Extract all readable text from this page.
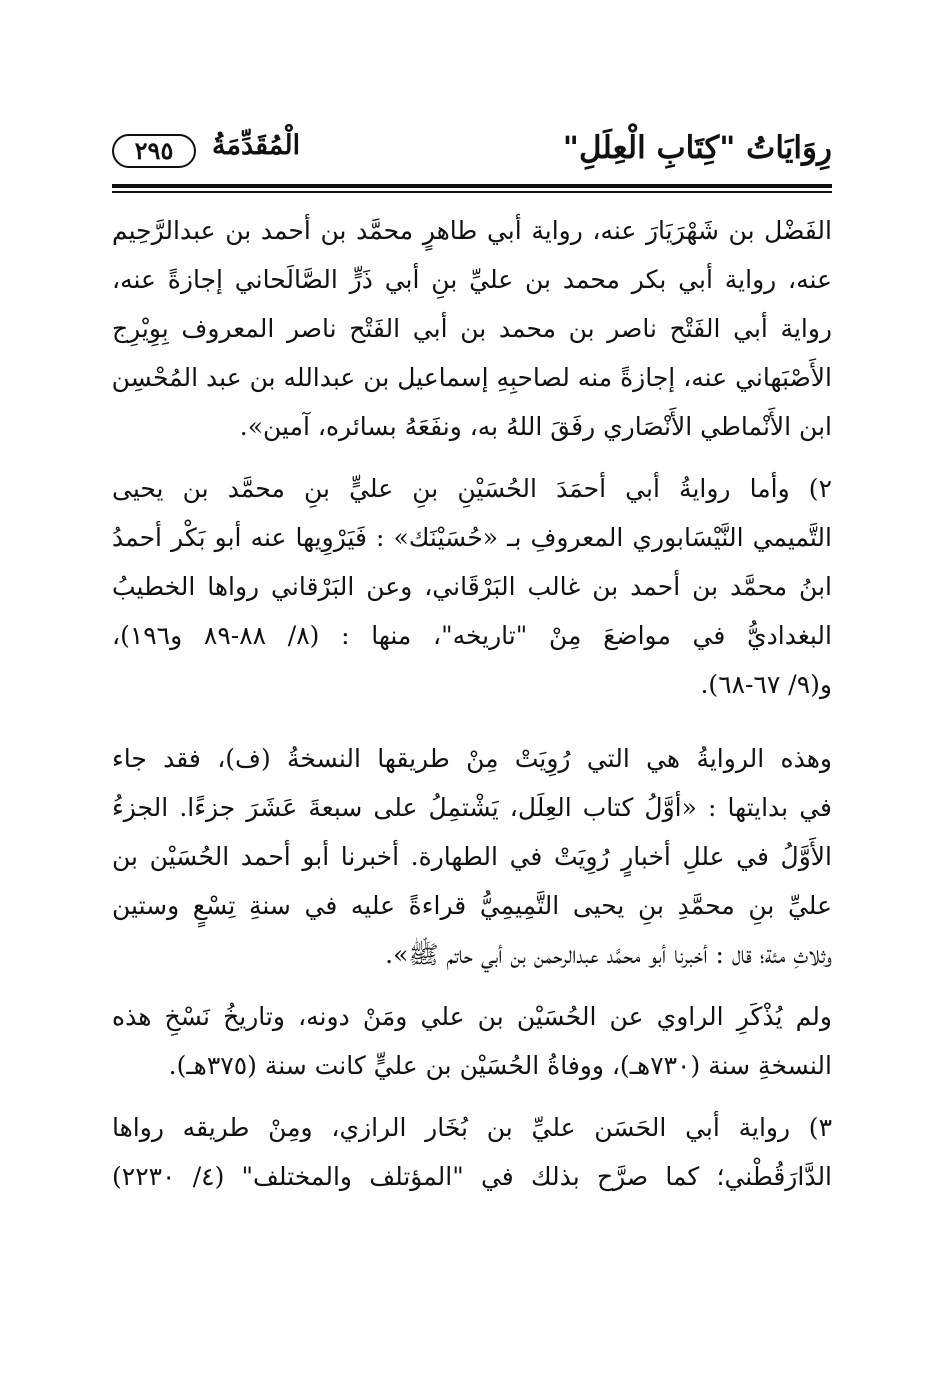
رِوَايَاتُ "كِتَابِ الْعِلَلِ"
الْمُقَدِّمَةُ
٢٩٥
الفَضْل بن شَهْرَيَارَ عنه، رواية أبي طاهرٍ محمَّد بن أحمد بن عبدالرَّحِيم
عنه، رواية أبي بكر محمد بن عليِّ بنِ أبي ذَرٍّ الصَّالَحاني إجازةً عنه،
رواية أبي الفَتْح ناصر بن محمد بن أبي الفَتْح ناصر المعروف بِوِيْرِج
الأَصْبَهاني عنه، إجازةً منه لصاحبِهِ إسماعيل بن عبدالله بن عبد المُحْسِن
ابن الأَنْماطي الأَنْصَاري رفَقَ اللهُ به، ونفَعَهُ بسائره، آمين».
٢) وأما روايةُ أبي أحمَدَ الحُسَيْنِ بنِ عليٍّ بنِ محمَّد بن يحيى
التَّميمي النَّيْسَابوري المعروفِ بـ «حُسَيْنَك» : فَيَرْوِيها عنه أبو بَكْر أحمدُ
ابنُ محمَّد بن أحمد بن غالب البَرْقَاني، وعن البَرْقاني رواها الخطيبُ
البغداديُّ في مواضعَ مِنْ "تاريخه"، منها : (٨/ ٨٨-٨٩ و١٩٦)،
و(٩/ ٦٧-٦٨).
وهذه الروايةُ هي التي رُوِيَتْ مِنْ طريقها النسخةُ (ف)، فقد جاء
في بدايتها : «أوَّلُ كتاب العِلَل، يَشْتمِلُ على سبعةَ عَشَرَ جزءًا. الجزءُ
الأَوَّلُ في عللِ أخبارٍ رُوِيَتْ في الطهارة. أخبرنا أبو أحمد الحُسَيْن بن
عليِّ بنِ محمَّدِ بنِ يحيى التَّمِيمِيُّ قراءةً عليه في سنةِ تِسْعٍ وستين
وثلاثِ مئة؛ قال : أخبرنا أبو محمَّد عبدالرحمن بن أبي حاتم ﷺ».
ولم يُذْكَرِ الراوي عن الحُسَيْن بن علي ومَنْ دونه، وتاريخُ نَسْخِ هذه
النسخةِ سنة (٧٣٠هـ)، ووفاةُ الحُسَيْن بن عليٍّ كانت سنة (٣٧٥هـ).
٣) رواية أبي الحَسَن عليِّ بن بُخَار الرازي، ومِنْ طريقه رواها
الدَّارَقُطْني؛ كما صرَّح بذلك في "المؤتلف والمختلف" (٤/ ٢٢٣٠)
